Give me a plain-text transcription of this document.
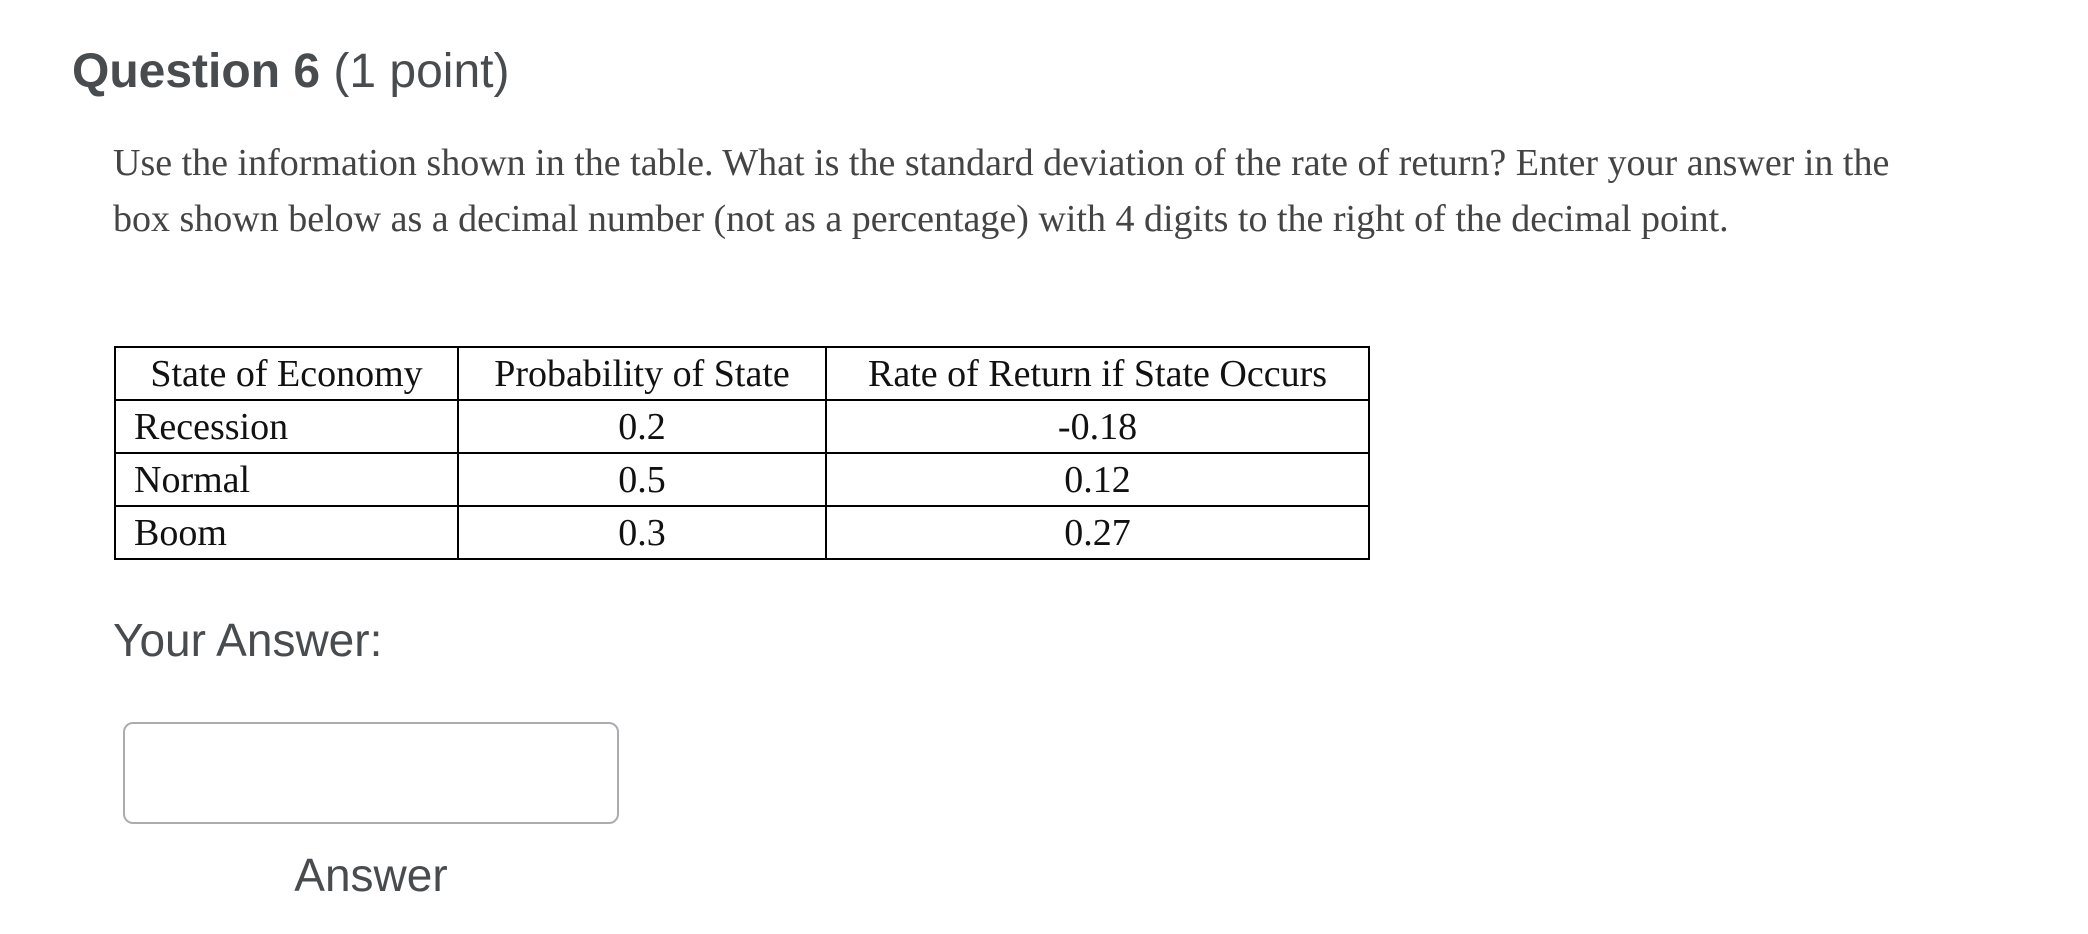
Question 6 (1 point)
Use the information shown in the table. What is the standard deviation of the rate of return? Enter your answer in the box shown below as a decimal number (not as a percentage) with 4 digits to the right of the decimal point.
State of Economy	Probability of State	Rate of Return if State Occurs
Recession	0.2	-0.18
Normal	0.5	0.12
Boom	0.3	0.27
Your Answer:
Answer
